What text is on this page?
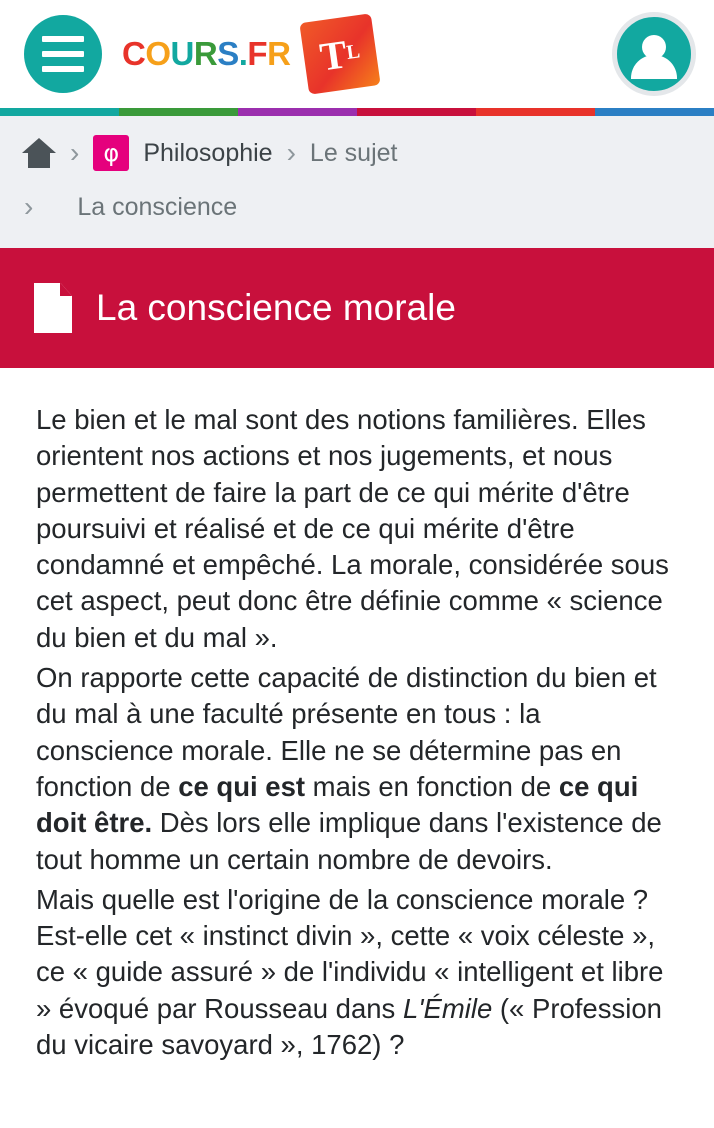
C O U R S . F R T
L
›	φ Philosophie › Le sujet
› La conscience
La conscience morale

Le bien et le mal sont des notions familières. Elles orientent nos actions et nos jugements, et nous permettent de faire la part de ce qui mérite d'être poursuivi et réalisé et de ce qui mérite d'être condamné et empêché. La morale, considérée sous cet aspect, peut donc être définie comme « science du bien et du mal ».

On rapporte cette capacité de distinction du bien et du mal à une faculté présente en tous : la conscience morale. Elle ne se détermine pas en fonction de ce qui est mais en fonction de ce qui doit être. Dès lors elle implique dans l'existence de tout homme un certain nombre de devoirs.

Mais quelle est l'origine de la conscience morale ? Est-elle cet « instinct divin », cette « voix céleste », ce « guide assuré » de l'individu « intelligent et libre » évoqué par Rousseau dans L'Émile (« Profession du vicaire savoyard », 1762) ?
